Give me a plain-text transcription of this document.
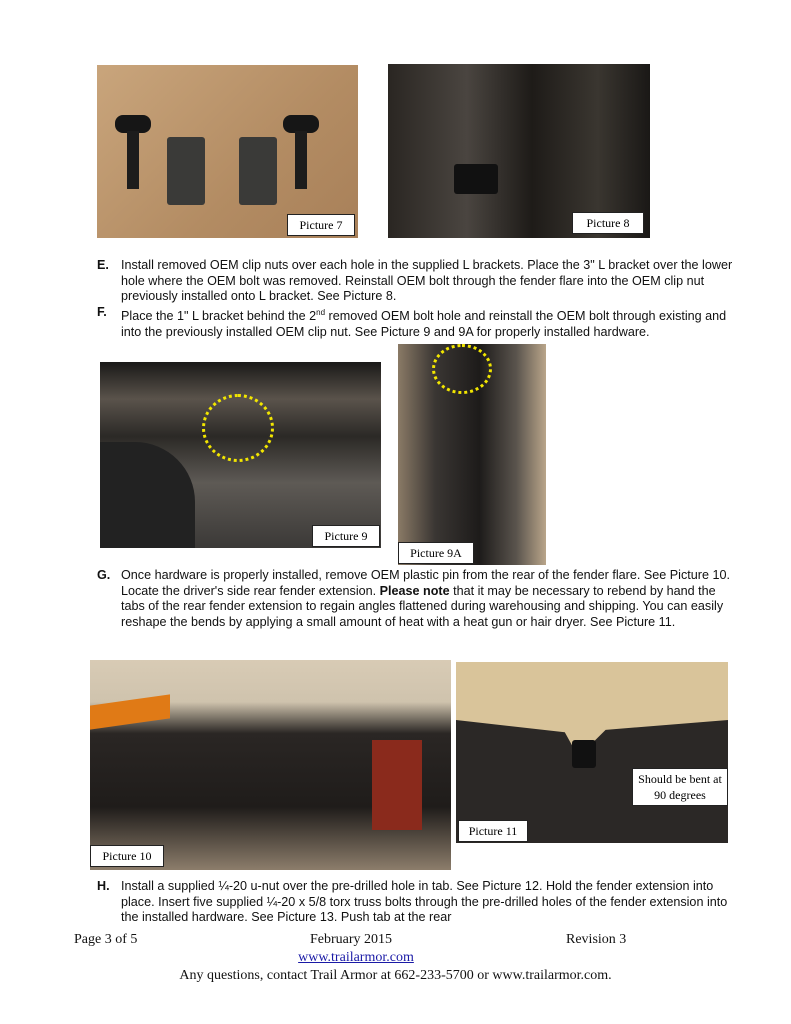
Picture 7	Picture 8
E. Install removed OEM clip nuts over each hole in the supplied L brackets. Place the 3" L bracket over the lower hole where the OEM bolt was removed. Reinstall OEM bolt through the fender flare into the OEM clip nut previously installed onto L bracket. See Picture 8.
F. Place the 1" L bracket behind the 2nd removed OEM bolt hole and reinstall the OEM bolt through existing and into the previously installed OEM clip nut. See Picture 9 and 9A for properly installed hardware.
Picture 9
Picture 9A
G. Once hardware is properly installed, remove OEM plastic pin from the rear of the fender flare. See Picture 10. Locate the driver's side rear fender extension. Please note that it may be necessary to rebend by hand the tabs of the rear fender extension to regain angles flattened during warehousing and shipping. You can easily reshape the bends by applying a small amount of heat with a heat gun or hair dryer. See Picture 11.
Picture 10
Should be bent at 90 degrees
Picture 11
H. Install a supplied ¼-20 u-nut over the pre-drilled hole in tab. See Picture 12. Hold the fender extension into place. Insert five supplied ¼-20 x 5/8 torx truss bolts through the pre-drilled holes of the fender extension into the installed hardware. See Picture 13. Push tab at the rear
Page 3 of 5	February 2015	Revision 3
www.trailarmor.com
Any questions, contact Trail Armor at 662-233-5700 or www.trailarmor.com.
